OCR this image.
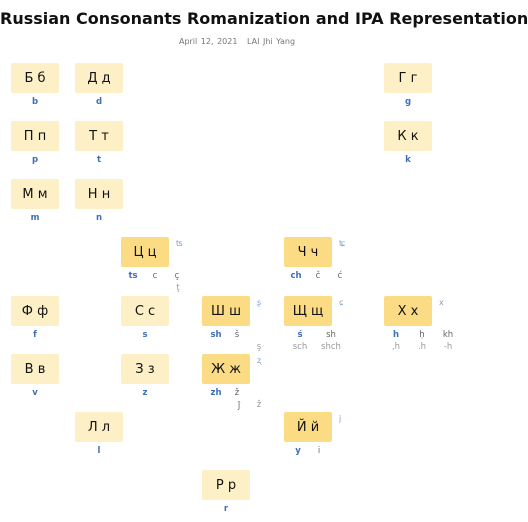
Russian Consonants Romanization and IPA Representation
April 12, 2021 LAI Jhi Yang
Б б
b
Д д
d
Г г
g
П п
p
Т т
t
К к
k
М м
m
Н н
n
Ц ц
ʦ
ts c ç
ţ
Ч ч
ʨ
ch č ć
Ф ф
f
С с
s
Ш ш
ʂ
sh š
ş
Щ щ
ɕ
ś	sh
sch shch
Х х
x
h ḥ kh
,h .h -h
В в
v
З з
z
Ж ж
ʐ
zh ž
ẑ
ĵ
Л л
l
Й й
j
y i
Р р
r
